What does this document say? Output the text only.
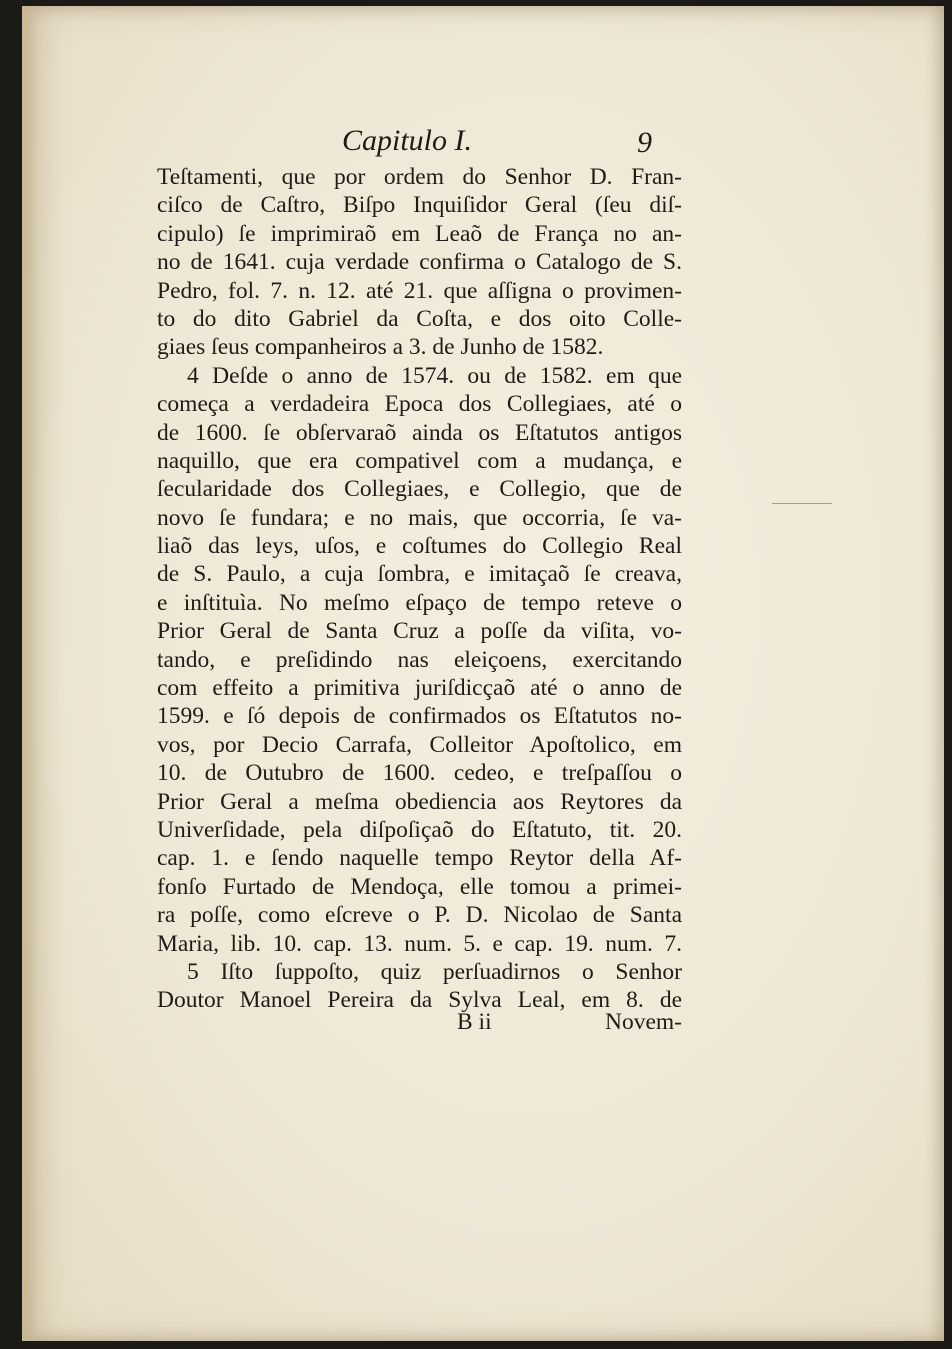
Capitulo I.	9
Teſtamenti, que por ordem do Senhor D. Fran-
ciſco de Caſtro, Biſpo Inquiſidor Geral (ſeu diſ-
cipulo) ſe imprimiraõ em Leaõ de França no an-
no de 1641. cuja verdade confirma o Catalogo de S.
Pedro, fol. 7. n. 12. até 21. que aſſigna o provimen-
to do dito Gabriel da Coſta, e dos oito Colle-
giaes ſeus companheiros a 3. de Junho de 1582.
4 Deſde o anno de 1574. ou de 1582. em que
começa a verdadeira Epoca dos Collegiaes, até o
de 1600. ſe obſervaraõ ainda os Eſtatutos antigos
naquillo, que era compativel com a mudança, e
ſecularidade dos Collegiaes, e Collegio, que de
novo ſe fundara; e no mais, que occorria, ſe va-
liaõ das leys, uſos, e coſtumes do Collegio Real
de S. Paulo, a cuja ſombra, e imitaçaõ ſe creava,
e inſtituìa. No meſmo eſpaço de tempo reteve o
Prior Geral de Santa Cruz a poſſe da viſita, vo-
tando, e preſidindo nas eleiçoens, exercitando
com effeito a primitiva juriſdicçaõ até o anno de
1599. e ſó depois de confirmados os Eſtatutos no-
vos, por Decio Carrafa, Colleitor Apoſtolico, em
10. de Outubro de 1600. cedeo, e treſpaſſou o
Prior Geral a meſma obediencia aos Reytores da
Univerſidade, pela diſpoſiçaõ do Eſtatuto, tit. 20.
cap. 1. e ſendo naquelle tempo Reytor della Af-
fonſo Furtado de Mendoça, elle tomou a primei-
ra poſſe, como eſcreve o P. D. Nicolao de Santa
Maria, lib. 10. cap. 13. num. 5. e cap. 19. num. 7.
5 Iſto ſuppoſto, quiz perſuadirnos o Senhor
Doutor Manoel Pereira da Sylva Leal, em 8. de
B ii	Novem-
